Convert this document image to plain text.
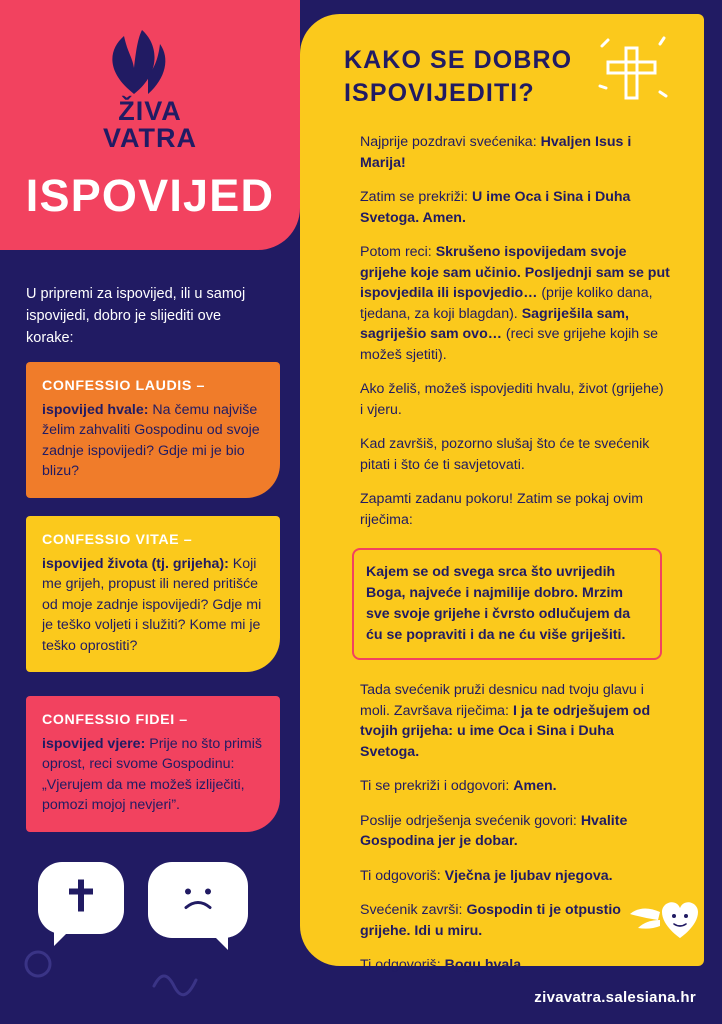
ŽIVA
VATRA
ISPOVIJED
U pripremi za ispovijed, ili u samoj ispovijedi, dobro je slijediti ove korake:
CONFESSIO LAUDIS –
ispovijed hvale: Na čemu najviše želim zahvaliti Gospodinu od svoje zadnje ispovijedi? Gdje mi je bio blizu?
CONFESSIO VITAE –
ispovijed života (tj. grijeha): Koji me grijeh, propust ili nered pritišće od moje zadnje ispovijedi? Gdje mi je teško voljeti i služiti? Kome mi je teško oprostiti?
CONFESSIO FIDEI –
ispovijed vjere: Prije no što primiš oprost, reci svome Gospodinu: „Vjerujem da me možeš izliječiti, pomozi mojoj nevjeri”.
KAKO SE DOBRO ISPOVIJEDITI?
Najprije pozdravi svećenika: Hvaljen Isus i Marija!
Zatim se prekriži: U ime Oca i Sina i Duha Svetoga. Amen.
Potom reci: Skrušeno ispovijedam svoje grijehe koje sam učinio. Posljednji sam se put ispovjedila ili ispovjedio… (prije koliko dana, tjedana, za koji blagdan). Sagriješila sam, sagriješio sam ovo… (reci sve grijehe kojih se možeš sjetiti).
Ako želiš, možeš ispovjediti hvalu, život (grijehe) i vjeru.
Kad završiš, pozorno slušaj što će te svećenik pitati i što će ti savjetovati.
Zapamti zadanu pokoru! Zatim se pokaj ovim riječima:
Kajem se od svega srca što uvrijedih Boga, najveće i najmilije dobro. Mrzim sve svoje grijehe i čvrsto odlučujem da ću se popraviti i da ne ću više griješiti.
Tada svećenik pruži desnicu nad tvoju glavu i moli. Završava riječima: I ja te odrješujem od tvojih grijeha: u ime Oca i Sina i Duha Svetoga.
Ti se prekriži i odgovori: Amen.
Poslije odrješenja svećenik govori: Hvalite Gospodina jer je dobar.
Ti odgovoriš: Vječna je ljubav njegova.
Svećenik završi: Gospodin ti je otpustio grijehe. Idi u miru.
Ti odgovoriš: Bogu hvala.
zivavatra.salesiana.hr
